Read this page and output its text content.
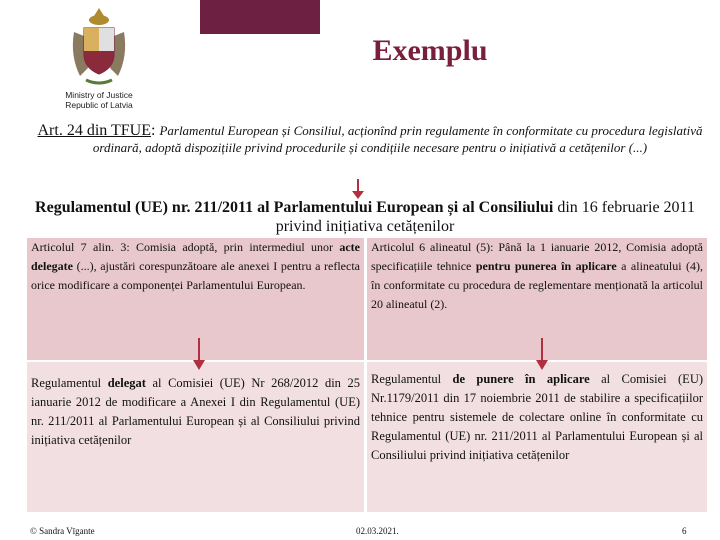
Ministry of Justice
Republic of Latvia
Exemplu
Art. 24 din TFUE: Parlamentul European și Consiliul, acționînd prin regulamente în conformitate cu procedura legislativă ordinară, adoptă dispozițiile privind procedurile și condițiile necesare pentru o inițiativă a cetățenilor (...)
Regulamentul (UE) nr. 211/2011 al Parlamentului European și al Consiliului din 16 februarie 2011 privind inițiativa cetățenilor
Articolul 7 alin. 3: Comisia adoptă, prin intermediul unor acte delegate (...), ajustări corespunzătoare ale anexei I pentru a reflecta orice modificare a componenței Parlamentului European.
Articolul 6 alineatul (5): Până la 1 ianuarie 2012, Comisia adoptă specificațiile tehnice pentru punerea în aplicare a alineatului (4), în conformitate cu procedura de reglementare menționată la articolul 20 alineatul (2).
Regulamentul delegat al Comisiei (UE) Nr 268/2012 din 25 ianuarie 2012 de modificare a Anexei I din Regulamentul (UE) nr. 211/2011 al Parlamentului European și al Consiliului privind inițiativa cetățenilor
Regulamentul de punere în aplicare al Comisiei (EU) Nr.1179/2011 din 17 noiembrie 2011 de stabilire a specificațiilor tehnice pentru sistemele de colectare online în conformitate cu Regulamentul (UE) nr. 211/2011 al Parlamentului European și al Consiliului privind inițiativa cetățenilor
© Sandra Vīgante	02.03.2021.	6
